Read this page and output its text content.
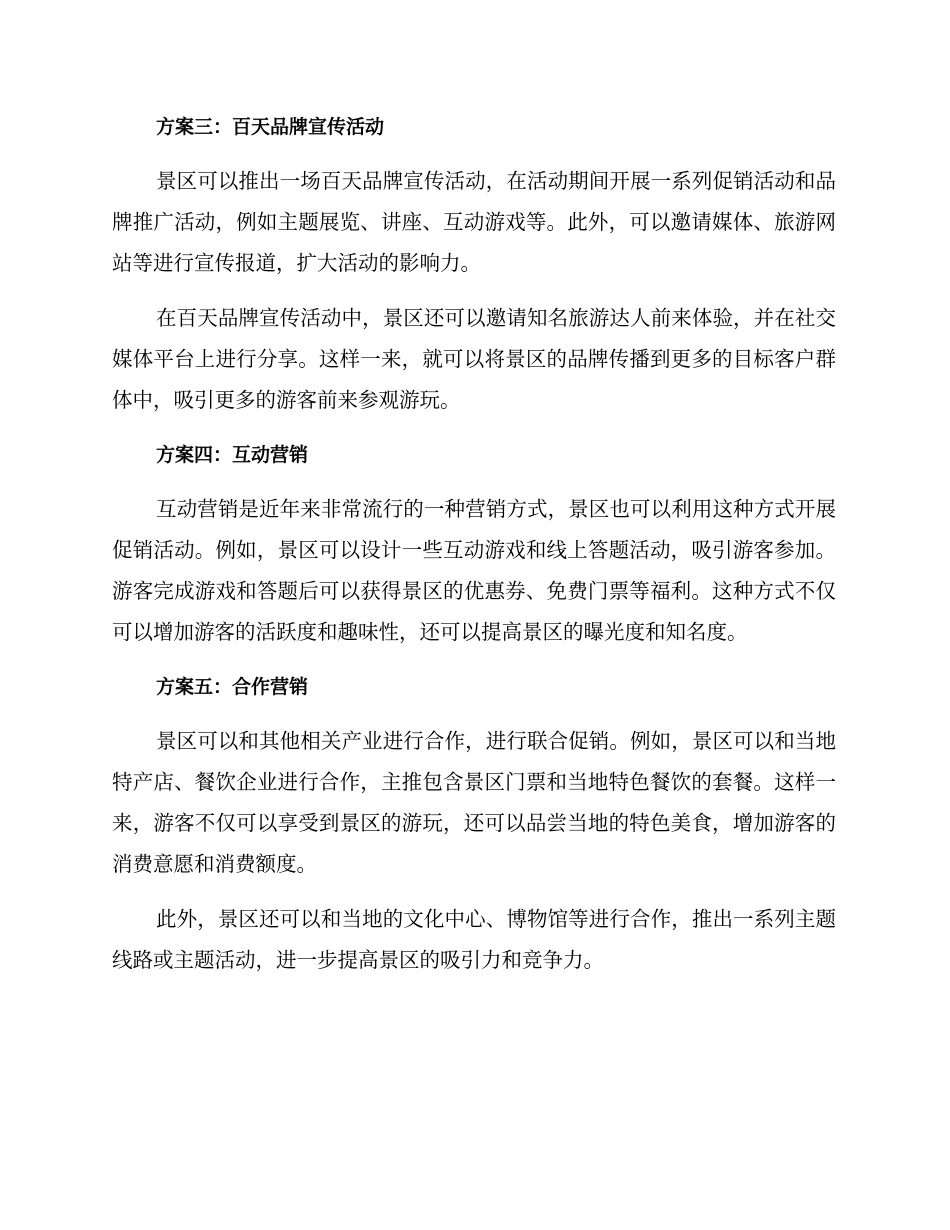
方案三：百天品牌宣传活动

景区可以推出一场百天品牌宣传活动，在活动期间开展一系列促销活动和品牌推广活动，例如主题展览、讲座、互动游戏等。此外，可以邀请媒体、旅游网站等进行宣传报道，扩大活动的影响力。

在百天品牌宣传活动中，景区还可以邀请知名旅游达人前来体验，并在社交媒体平台上进行分享。这样一来，就可以将景区的品牌传播到更多的目标客户群体中，吸引更多的游客前来参观游玩。

方案四：互动营销

互动营销是近年来非常流行的一种营销方式，景区也可以利用这种方式开展促销活动。例如，景区可以设计一些互动游戏和线上答题活动，吸引游客参加。游客完成游戏和答题后可以获得景区的优惠券、免费门票等福利。这种方式不仅可以增加游客的活跃度和趣味性，还可以提高景区的曝光度和知名度。

方案五：合作营销

景区可以和其他相关产业进行合作，进行联合促销。例如，景区可以和当地特产店、餐饮企业进行合作，主推包含景区门票和当地特色餐饮的套餐。这样一来，游客不仅可以享受到景区的游玩，还可以品尝当地的特色美食，增加游客的消费意愿和消费额度。

此外，景区还可以和当地的文化中心、博物馆等进行合作，推出一系列主题线路或主题活动，进一步提高景区的吸引力和竞争力。
